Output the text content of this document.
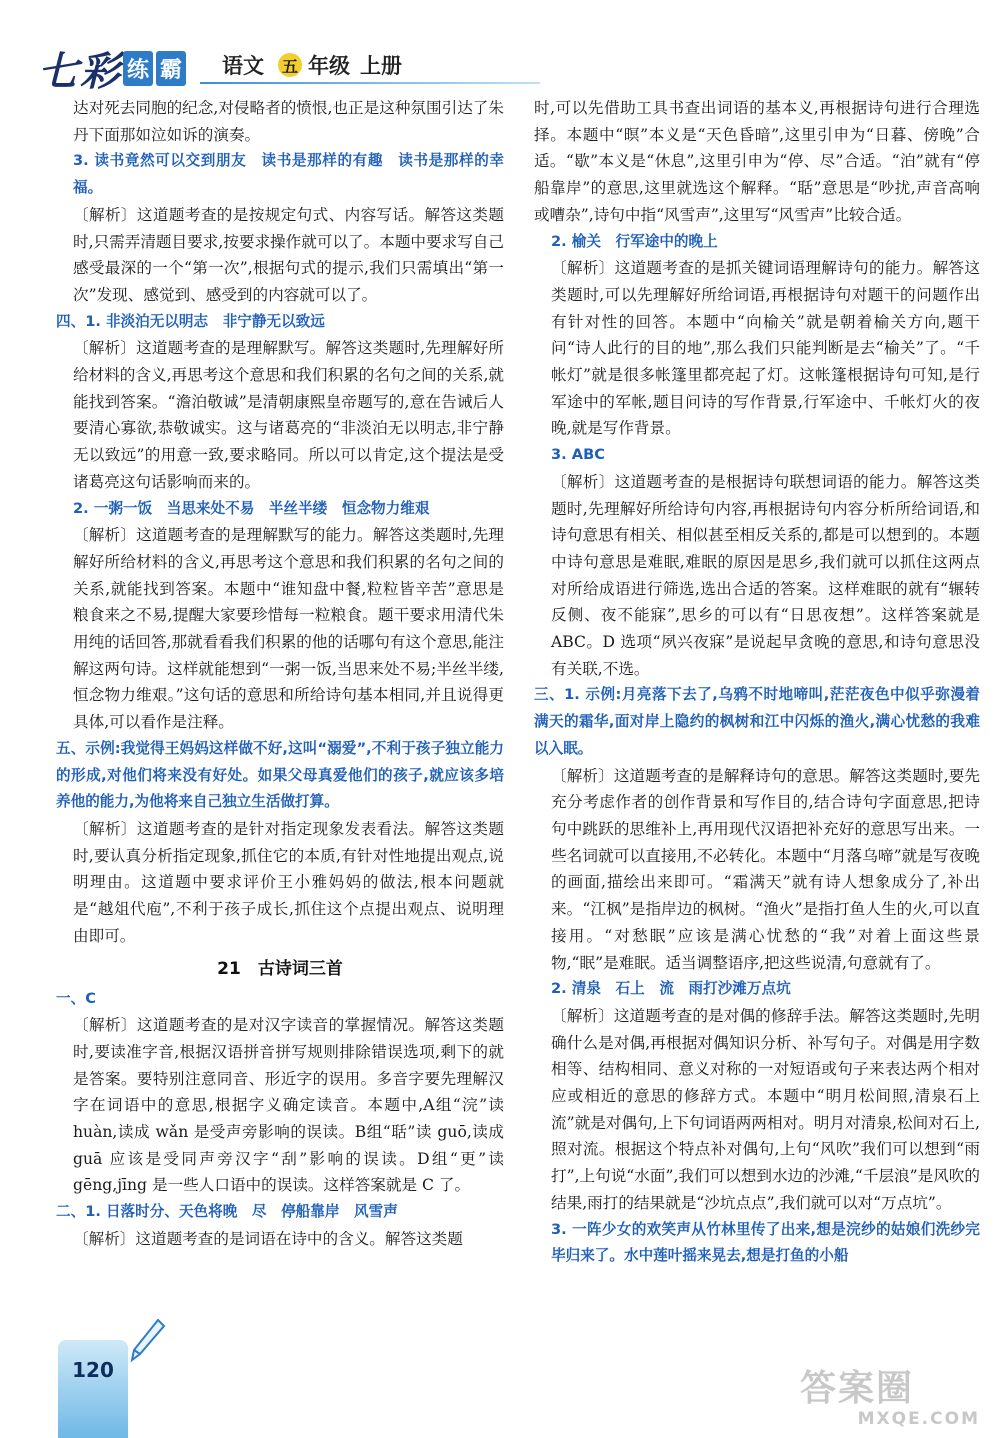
七 彩 练 霸 语文 五 年级 上册

达对死去同胞的纪念,对侵略者的愤恨,也正是这种氛围引达了朱丹下面那如泣如诉的演奏。

3. 读书竟然可以交到朋友　读书是那样的有趣　读书是那样的幸福。

〔解析〕这道题考查的是按规定句式、内容写话。解答这类题时,只需弄清题目要求,按要求操作就可以了。本题中要求写自己感受最深的一个“第一次”,根据句式的提示,我们只需填出“第一次”发现、感觉到、感受到的内容就可以了。

四、1. 非淡泊无以明志　非宁静无以致远

〔解析〕这道题考查的是理解默写。解答这类题时,先理解好所给材料的含义,再思考这个意思和我们积累的名句之间的关系,就能找到答案。“澹泊敬诚”是清朝康熙皇帝题写的,意在告诫后人要清心寡欲,恭敬诚实。这与诸葛亮的“非淡泊无以明志,非宁静无以致远”的用意一致,要求略同。所以可以肯定,这个提法是受诸葛亮这句话影响而来的。

2. 一粥一饭　当思来处不易　半丝半缕　恒念物力维艰

〔解析〕这道题考查的是理解默写的能力。解答这类题时,先理解好所给材料的含义,再思考这个意思和我们积累的名句之间的关系,就能找到答案。本题中“谁知盘中餐,粒粒皆辛苦”意思是粮食来之不易,提醒大家要珍惜每一粒粮食。题干要求用清代朱用纯的话回答,那就看看我们积累的他的话哪句有这个意思,能注解这两句诗。这样就能想到“一粥一饭,当思来处不易;半丝半缕,恒念物力维艰。”这句话的意思和所给诗句基本相同,并且说得更具体,可以看作是注释。

五、示例:我觉得王妈妈这样做不好,这叫“溺爱”,不利于孩子独立能力的形成,对他们将来没有好处。如果父母真爱他们的孩子,就应该多培养他的能力,为他将来自己独立生活做打算。

〔解析〕这道题考查的是针对指定现象发表看法。解答这类题时,要认真分析指定现象,抓住它的本质,有针对性地提出观点,说明理由。这道题中要求评价王小雅妈妈的做法,根本问题就是“越俎代庖”,不利于孩子成长,抓住这个点提出观点、说明理由即可。

21　古诗词三首

一、C

〔解析〕这道题考查的是对汉字读音的掌握情况。解答这类题时,要读准字音,根据汉语拼音拼写规则排除错误选项,剩下的就是答案。要特别注意同音、形近字的误用。多音字要先理解汉字在词语中的意思,根据字义确定读音。本题中,A组“浣”读 huàn,读成 wǎn 是受声旁影响的误读。B组“聒”读 guō,读成 guā 应该是受同声旁汉字“刮”影响的误读。D组“更”读 gēng,jīng 是一些人口语中的误读。这样答案就是 C 了。

二、1. 日落时分、天色将晚　尽　停船靠岸　风雪声

〔解析〕这道题考查的是词语在诗中的含义。解答这类题

时,可以先借助工具书查出词语的基本义,再根据诗句进行合理选择。本题中“暝”本义是“天色昏暗”,这里引申为“日暮、傍晚”合适。“歇”本义是“休息”,这里引申为“停、尽”合适。“泊”就有“停船靠岸”的意思,这里就选这个解释。“聒”意思是“吵扰,声音高响或嘈杂”,诗句中指“风雪声”,这里写“风雪声”比较合适。

2. 榆关　行军途中的晚上

〔解析〕这道题考查的是抓关键词语理解诗句的能力。解答这类题时,可以先理解好所给词语,再根据诗句对题干的问题作出有针对性的回答。本题中“向榆关”就是朝着榆关方向,题干问“诗人此行的目的地”,那么我们只能判断是去“榆关”了。“千帐灯”就是很多帐篷里都亮起了灯。这帐篷根据诗句可知,是行军途中的军帐,题目问诗的写作背景,行军途中、千帐灯火的夜晚,就是写作背景。

3. ABC

〔解析〕这道题考查的是根据诗句联想词语的能力。解答这类题时,先理解好所给诗句内容,再根据诗句内容分析所给词语,和诗句意思有相关、相似甚至相反关系的,都是可以想到的。本题中诗句意思是难眠,难眠的原因是思乡,我们就可以抓住这两点对所给成语进行筛选,选出合适的答案。这样难眠的就有“辗转反侧、夜不能寐”,思乡的可以有“日思夜想”。这样答案就是 ABC。D 选项“夙兴夜寐”是说起早贪晚的意思,和诗句意思没有关联,不选。

三、1. 示例:月亮落下去了,乌鸦不时地啼叫,茫茫夜色中似乎弥漫着满天的霜华,面对岸上隐约的枫树和江中闪烁的渔火,满心忧愁的我难以入眠。

〔解析〕这道题考查的是解释诗句的意思。解答这类题时,要先充分考虑作者的创作背景和写作目的,结合诗句字面意思,把诗句中跳跃的思维补上,再用现代汉语把补充好的意思写出来。一些名词就可以直接用,不必转化。本题中“月落乌啼”就是写夜晚的画面,描绘出来即可。“霜满天”就有诗人想象成分了,补出来。“江枫”是指岸边的枫树。“渔火”是指打鱼人生的火,可以直接用。“对愁眠”应该是满心忧愁的“我”对着上面这些景物,“眠”是难眠。适当调整语序,把这些说清,句意就有了。

2. 清泉　石上　流　雨打沙滩万点坑

〔解析〕这道题考查的是对偶的修辞手法。解答这类题时,先明确什么是对偶,再根据对偶知识分析、补写句子。对偶是用字数相等、结构相同、意义对称的一对短语或句子来表达两个相对应或相近的意思的修辞方式。本题中“明月松间照,清泉石上流”就是对偶句,上下句词语两两相对。明月对清泉,松间对石上,照对流。根据这个特点补对偶句,上句“风吹”我们可以想到“雨打”,上句说“水面”,我们可以想到水边的沙滩,“千层浪”是风吹的结果,雨打的结果就是“沙坑点点”,我们就可以对“万点坑”。

3. 一阵少女的欢笑声从竹林里传了出来,想是浣纱的姑娘们洗纱完毕归来了。水中莲叶摇来晃去,想是打鱼的小船

120	答案圈
MXQE.COM
